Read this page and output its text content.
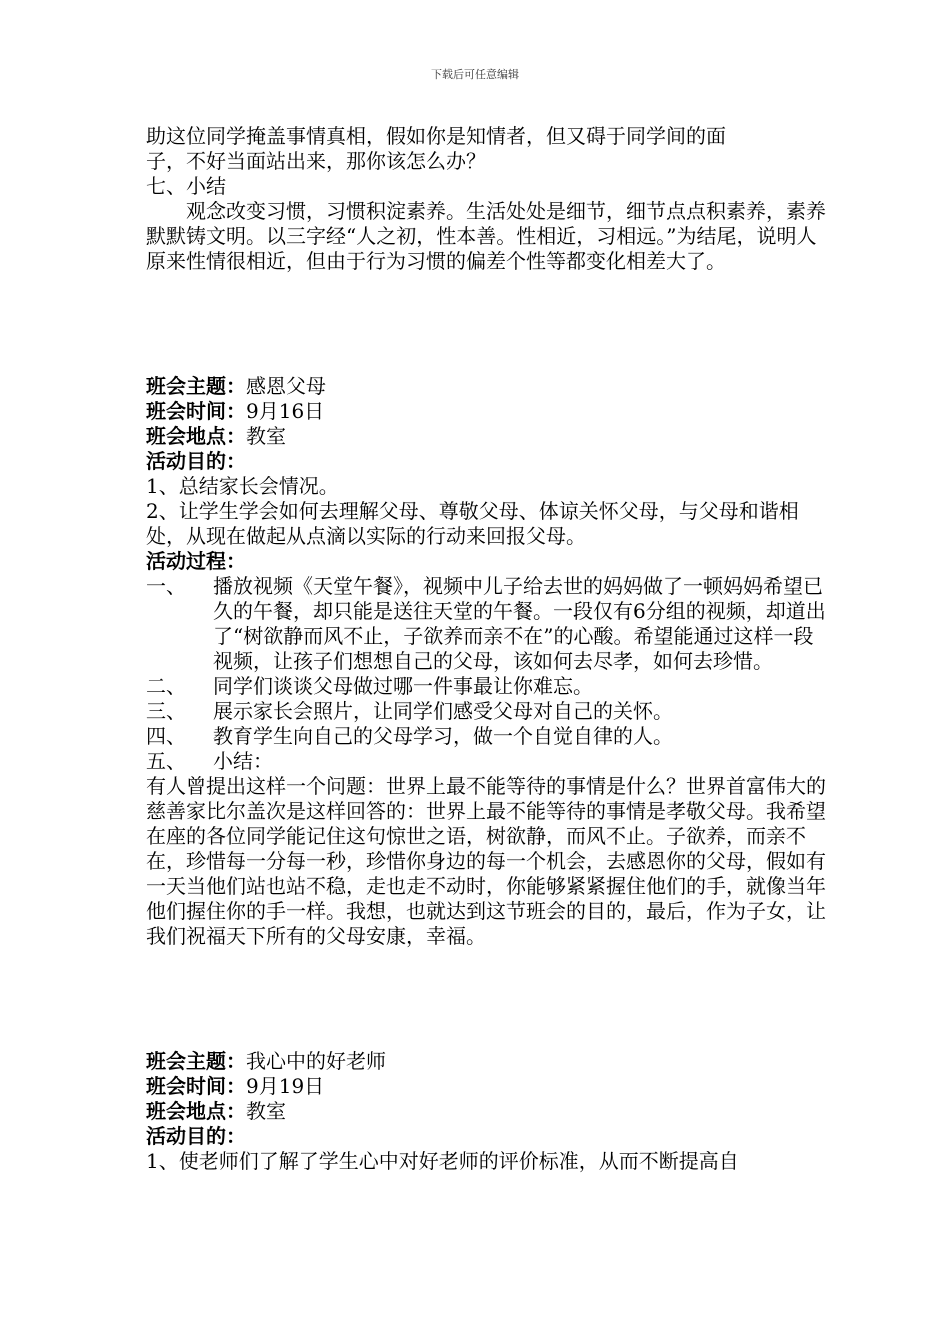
下载后可任意编辑
助这位同学掩盖事情真相，假如你是知情者，但又碍于同学间的面
子，不好当面站出来，那你该怎么办？
七、小结

观念改变习惯，习惯积淀素养。生活处处是细节，细节点点积素养，素养默默铸文明。以三字经“人之初，性本善。性相近，习相远。”为结尾，说明人原来性情很相近，但由于行为习惯的偏差个性等都变化相差大了。

班会主题：感恩父母
班会时间：9月16日
班会地点：教室
活动目的：

1、总结家长会情况。

2、让学生学会如何去理解父母、尊敬父母、体谅关怀父母，与父母和谐相处，从现在做起从点滴以实际的行动来回报父母。

活动过程：
一、	播放视频《天堂午餐》，视频中儿子给去世的妈妈做了一顿妈妈希望已久的午餐，却只能是送往天堂的午餐。一段仅有6分组的视频，却道出了“树欲静而风不止，子欲养而亲不在”的心酸。希望能通过这样一段视频，让孩子们想想自己的父母，该如何去尽孝，如何去珍惜。
二、	同学们谈谈父母做过哪一件事最让你难忘。
三、	展示家长会照片，让同学们感受父母对自己的关怀。
四、	教育学生向自己的父母学习，做一个自觉自律的人。
五、	小结：

有人曾提出这样一个问题：世界上最不能等待的事情是什么？世界首富伟大的慈善家比尔盖次是这样回答的：世界上最不能等待的事情是孝敬父母。我希望在座的各位同学能记住这句惊世之语，树欲静，而风不止。子欲养，而亲不在，珍惜每一分每一秒，珍惜你身边的每一个机会，去感恩你的父母，假如有一天当他们站也站不稳，走也走不动时，你能够紧紧握住他们的手，就像当年他们握住你的手一样。我想，也就达到这节班会的目的，最后，作为子女，让我们祝福天下所有的父母安康，幸福。

班会主题：我心中的好老师
班会时间：9月19日
班会地点：教室
活动目的：
1、使老师们了解了学生心中对好老师的评价标准，从而不断提高自
